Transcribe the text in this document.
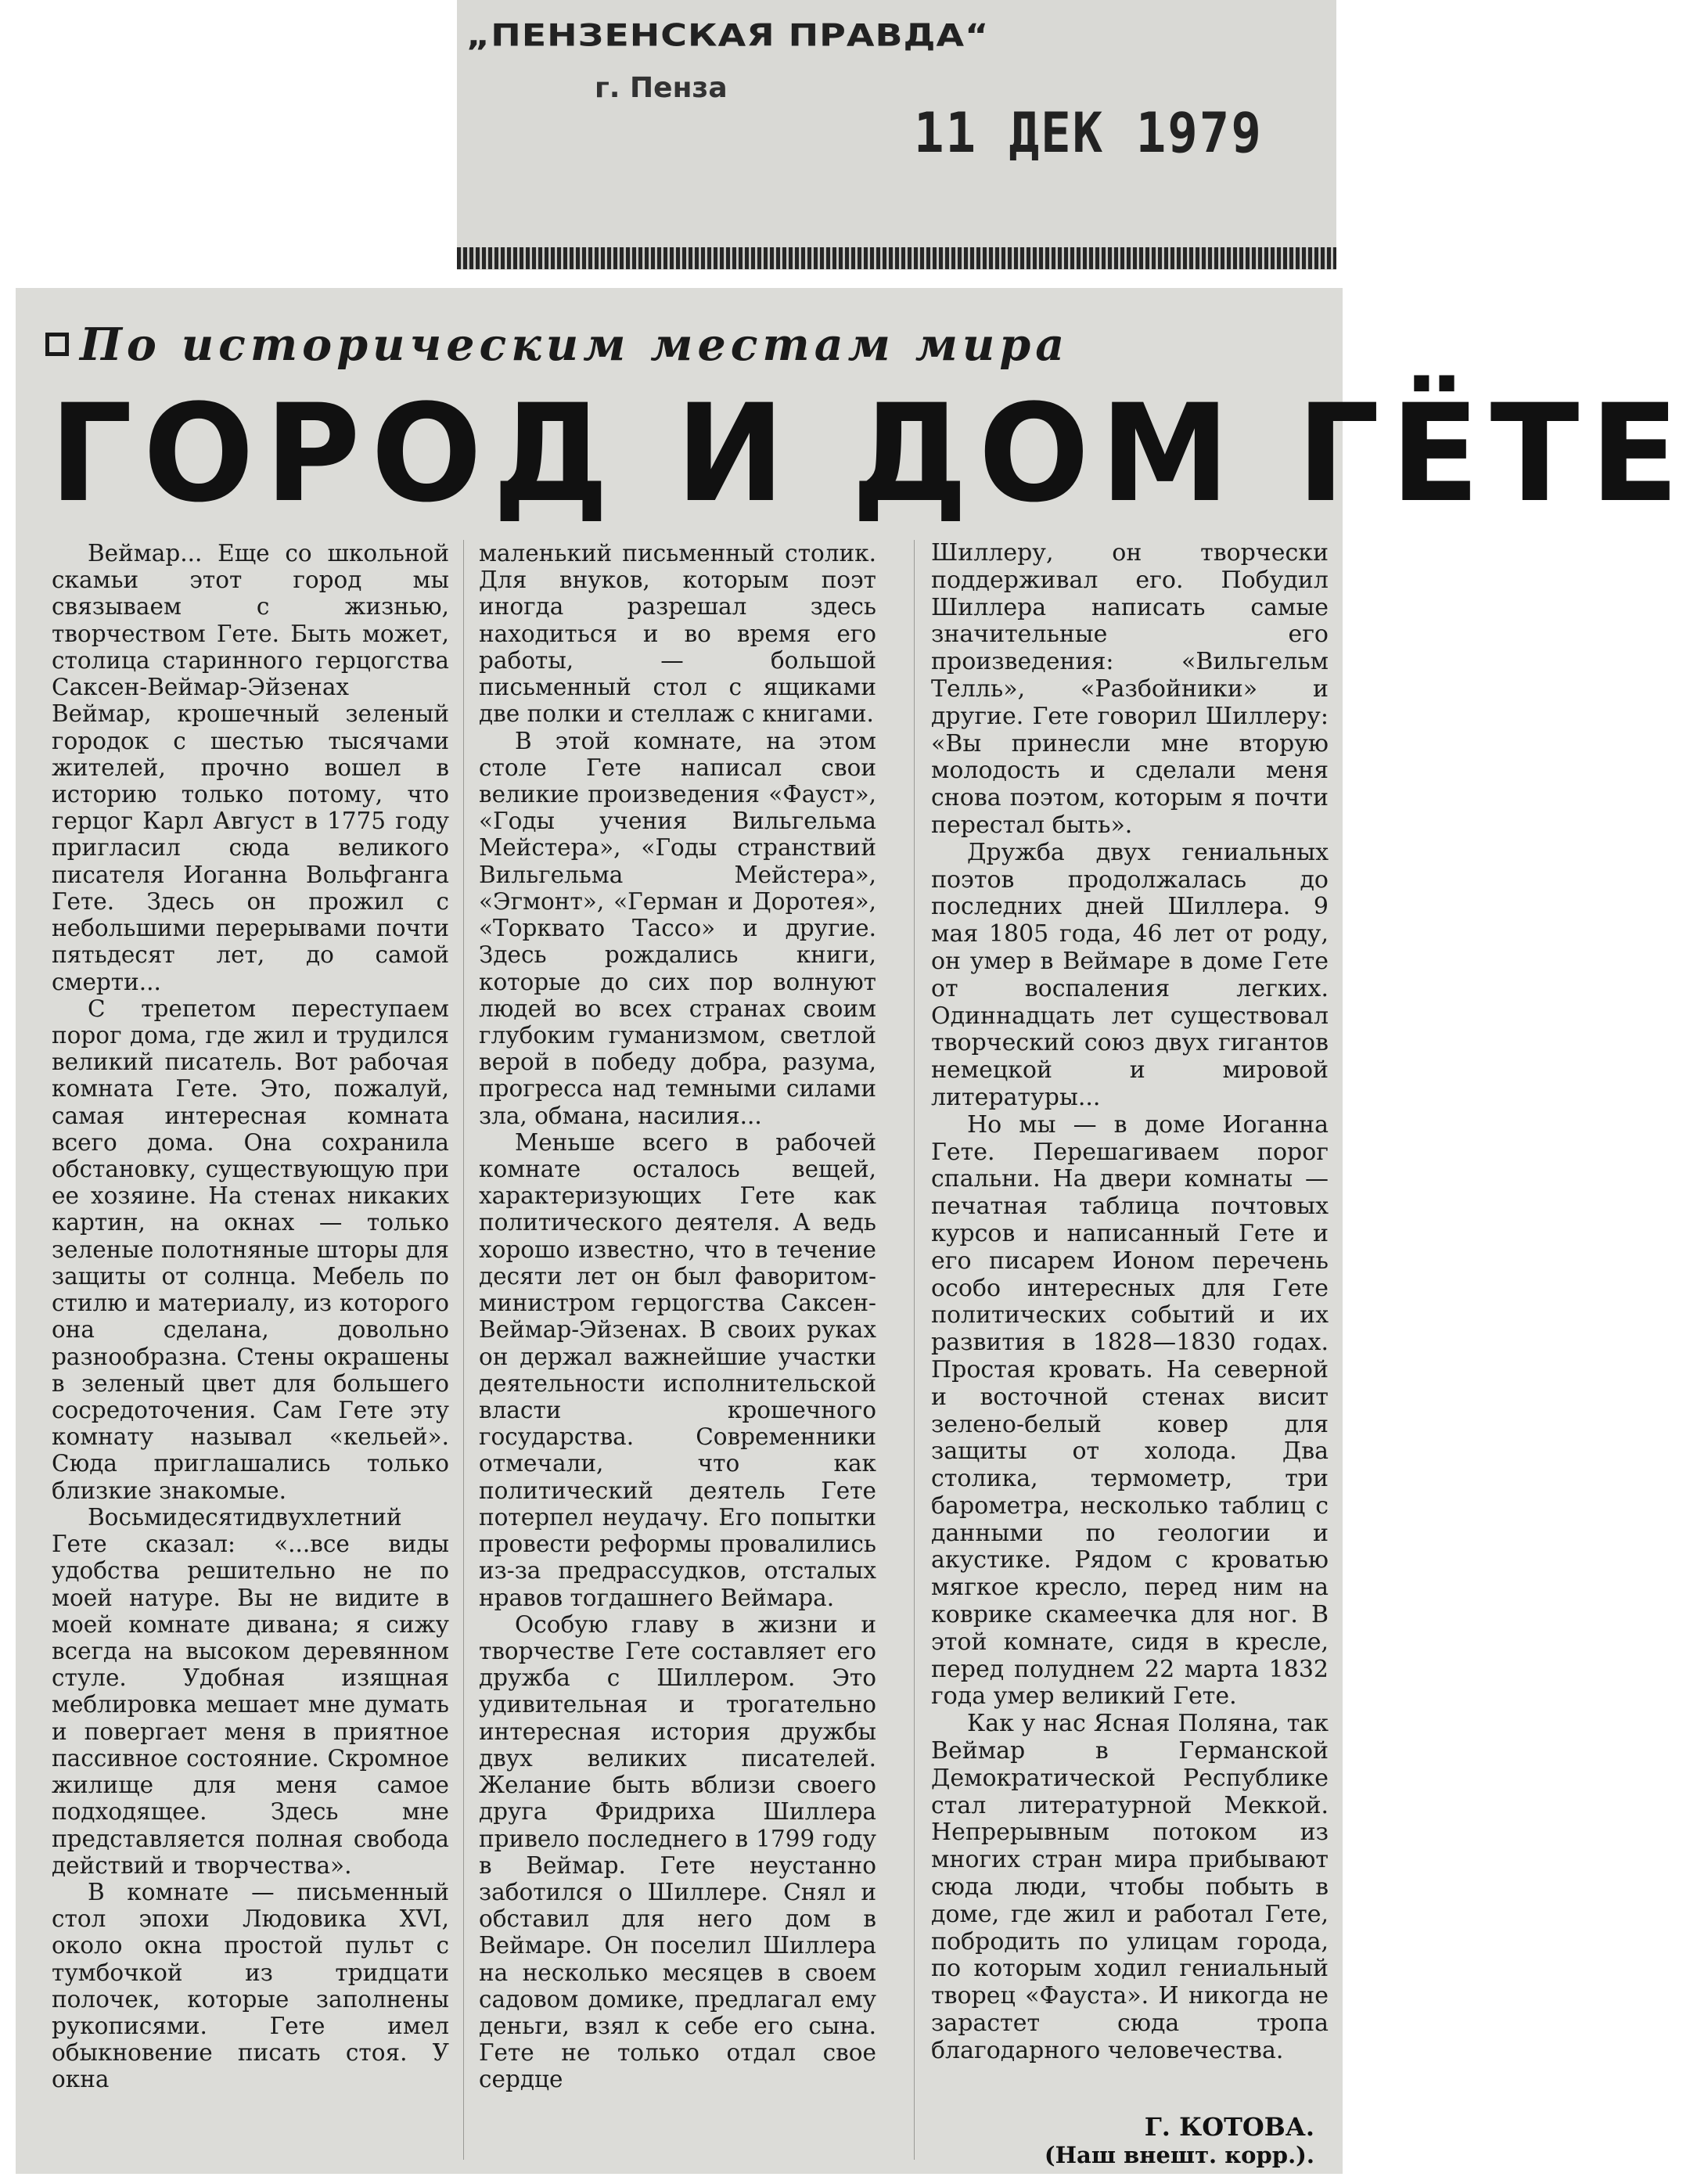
„ПЕНЗЕНСКАЯ ПРАВДА“
г. Пенза
11 ДЕК 1979
По историческим местам мира
ГОРОД И ДОМ ГЁТЕ

Веймар... Еще со школьной скамьи этот город мы связываем с жизнью, творчеством Гете. Быть может, столица старинного герцогства Саксен-Веймар-Эйзенах Веймар, крошечный зеленый городок с шестью тысячами жителей, прочно вошел в историю только потому, что герцог Карл Август в 1775 году пригласил сюда великого писателя Иоганна Вольфганга Гете. Здесь он прожил с небольшими перерывами почти пятьдесят лет, до самой смерти...

С трепетом переступаем порог дома, где жил и трудился великий писатель. Вот рабочая комната Гете. Это, пожалуй, самая интересная комната всего дома. Она сохранила обстановку, существующую при ее хозяине. На стенах никаких картин, на окнах — только зеленые полотняные шторы для защиты от солнца. Мебель по стилю и материалу, из которого она сделана, довольно разнообразна. Стены окрашены в зеленый цвет для большего сосредоточения. Сам Гете эту комнату называл «кельей». Сюда приглашались только близкие знакомые.

Восьмидесятидвухлетний Гете сказал: «...все виды удобства решительно не по моей натуре. Вы не видите в моей комнате дивана; я сижу всегда на высоком деревянном стуле. Удобная изящная меблировка мешает мне думать и повергает меня в приятное пассивное состояние. Скромное жилище для меня самое подходящее. Здесь мне представляется полная свобода действий и творчества».

В комнате — письменный стол эпохи Людовика XVI, около окна простой пульт с тумбочкой из тридцати полочек, которые заполнены рукописями. Гете имел обыкновение писать стоя. У окна

маленький письменный столик. Для внуков, которым поэт иногда разрешал здесь находиться и во время его работы, — большой письменный стол с ящиками две полки и стеллаж с книгами.

В этой комнате, на этом столе Гете написал свои великие произведения «Фауст», «Годы учения Вильгельма Мейстера», «Годы странствий Вильгельма Мейстера», «Эгмонт», «Герман и Доротея», «Торквато Тассо» и другие. Здесь рождались книги, которые до сих пор волнуют людей во всех странах своим глубоким гуманизмом, светлой верой в победу добра, разума, прогресса над темными силами зла, обмана, насилия...

Меньше всего в рабочей комнате осталось вещей, характеризующих Гете как политического деятеля. А ведь хорошо известно, что в течение десяти лет он был фаворитом-министром герцогства Саксен-Веймар-Эйзенах. В своих руках он держал важнейшие участки деятельности исполнительской власти крошечного государства. Современники отмечали, что как политический деятель Гете потерпел неудачу. Его попытки провести реформы провалились из-за предрассудков, отсталых нравов тогдашнего Веймара.

Особую главу в жизни и творчестве Гете составляет его дружба с Шиллером. Это удивительная и трогательно интересная история дружбы двух великих писателей. Желание быть вблизи своего друга Фридриха Шиллера привело последнего в 1799 году в Веймар. Гете неустанно заботился о Шиллере. Снял и обставил для него дом в Веймаре. Он поселил Шиллера на несколько месяцев в своем садовом домике, предлагал ему деньги, взял к себе его сына. Гете не только отдал свое сердце

Шиллеру, он творчески поддерживал его. Побудил Шиллера написать самые значительные его произведения: «Вильгельм Телль», «Разбойники» и другие. Гете говорил Шиллеру: «Вы принесли мне вторую молодость и сделали меня снова поэтом, которым я почти перестал быть».

Дружба двух гениальных поэтов продолжалась до последних дней Шиллера. 9 мая 1805 года, 46 лет от роду, он умер в Веймаре в доме Гете от воспаления легких. Одиннадцать лет существовал творческий союз двух гигантов немецкой и мировой литературы...

Но мы — в доме Иоганна Гете. Перешагиваем порог спальни. На двери комнаты — печатная таблица почтовых курсов и написанный Гете и его писарем Ионом перечень особо интересных для Гете политических событий и их развития в 1828—1830 годах. Простая кровать. На северной и восточной стенах висит зелено-белый ковер для защиты от холода. Два столика, термометр, три барометра, несколько таблиц с данными по геологии и акустике. Рядом с кроватью мягкое кресло, перед ним на коврике скамеечка для ног. В этой комнате, сидя в кресле, перед полуднем 22 марта 1832 года умер великий Гете.

Как у нас Ясная Поляна, так Веймар в Германской Демократической Республике стал литературной Меккой. Непрерывным потоком из многих стран мира прибывают сюда люди, чтобы побыть в доме, где жил и работал Гете, побродить по улицам города, по которым ходил гениальный творец «Фауста». И никогда не зарастет сюда тропа благодарного человечества.

Г. КОТОВА.
(Наш внешт. корр.).
